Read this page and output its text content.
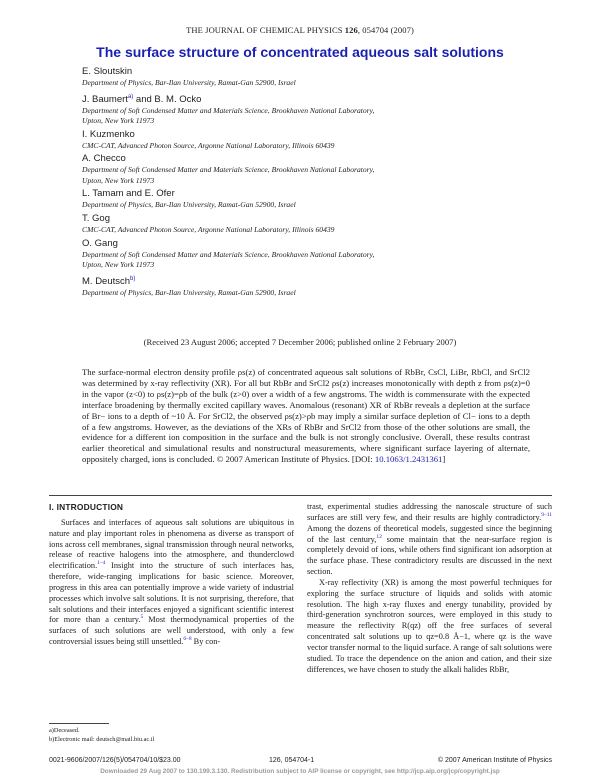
THE JOURNAL OF CHEMICAL PHYSICS 126, 054704 (2007)
The surface structure of concentrated aqueous salt solutions
E. Sloutskin
Department of Physics, Bar-Ilan University, Ramat-Gan 52900, Israel
J. Baumert$^{a)}$ and B. M. Ocko
Department of Soft Condensed Matter and Materials Science, Brookhaven National Laboratory,
Upton, New York 11973
I. Kuzmenko
CMC-CAT, Advanced Photon Source, Argonne National Laboratory, Illinois 60439
A. Checco
Department of Soft Condensed Matter and Materials Science, Brookhaven National Laboratory,
Upton, New York 11973
L. Tamam and E. Ofer
Department of Physics, Bar-Ilan University, Ramat-Gan 52900, Israel
T. Gog
CMC-CAT, Advanced Photon Source, Argonne National Laboratory, Illinois 60439
O. Gang
Department of Soft Condensed Matter and Materials Science, Brookhaven National Laboratory,
Upton, New York 11973
M. Deutsch$^{b)}$
Department of Physics, Bar-Ilan University, Ramat-Gan 52900, Israel
(Received 23 August 2006; accepted 7 December 2006; published online 2 February 2007)
The surface-normal electron density profile ρs(z) of concentrated aqueous salt solutions of RbBr, CsCl, LiBr, RbCl, and SrCl2 was determined by x-ray reflectivity (XR). For all but RbBr and SrCl2 ρs(z) increases monotonically with depth z from ρs(z)=0 in the vapor (z<0) to ρs(z)=ρb of the bulk (z>0) over a width of a few angstroms. The width is commensurate with the expected interface broadening by thermally excited capillary waves. Anomalous (resonant) XR of RbBr reveals a depletion at the surface of Br− ions to a depth of ~10 Å. For SrCl2, the observed ρs(z)>ρb may imply a similar surface depletion of Cl− ions to a depth of a few angstroms. However, as the deviations of the XRs of RbBr and SrCl2 from those of the other solutions are small, the evidence for a different ion composition in the surface and the bulk is not strongly conclusive. Overall, these results contrast earlier theoretical and simulational results and nonstructural measurements, where significant surface layering of alternate, oppositely charged, ions is concluded. © 2007 American Institute of Physics. [DOI: 10.1063/1.2431361]
I. INTRODUCTION

Surfaces and interfaces of aqueous salt solutions are ubiquitous in nature and play important roles in phenomena as diverse as transport of ions across cell membranes, signal transmission through neural networks, release of reactive halogens into the atmosphere, and thunderclowd electrification.$^{1-4}$ Insight into the structure of such interfaces has, therefore, wide-ranging implications for basic science. Moreover, progress in this area can potentially improve a wide variety of industrial processes which involve salt solutions. It is not surprising, therefore, that salt solutions and their interfaces enjoyed a significant scientific interest for more than a century.$^5$ Most thermodynamical properties of the surfaces of such solutions are well understood, with only a few controversial issues being still unsettled.$^{6-8}$ By con-

trast, experimental studies addressing the nanoscale structure of such surfaces are still very few, and their results are highly contradictory.$^{9-11}$ Among the dozens of theoretical models, suggested since the beginning of the last century,$^{12}$ some maintain that the near-surface region is completely devoid of ions, while others find significant ion adsorption at the surface phase. These contradictory results are discussed in the next section.

X-ray reflectivity (XR) is among the most powerful techniques for exploring the surface structure of liquids and solids with atomic resolution. The high x-ray fluxes and energy tunability, provided by third-generation synchrotron sources, were employed in this study to measure the reflectivity R(qz) off the free surfaces of several concentrated salt solutions up to qz=0.8 Å−1, where qz is the wave vector transfer normal to the liquid surface. A range of salt solutions were studied. To trace the dependence on the anion and cation, and their size differences, we have chosen to study the alkali halides RbBr,

a)Deceased.
b)Electronic mail: deutsch@mail.biu.ac.il
0021-9606/2007/126(5)/054704/10/$23.00	126, 054704-1	© 2007 American Institute of Physics
Downloaded 29 Aug 2007 to 130.199.3.130. Redistribution subject to AIP license or copyright, see http://jcp.aip.org/jcp/copyright.jsp
